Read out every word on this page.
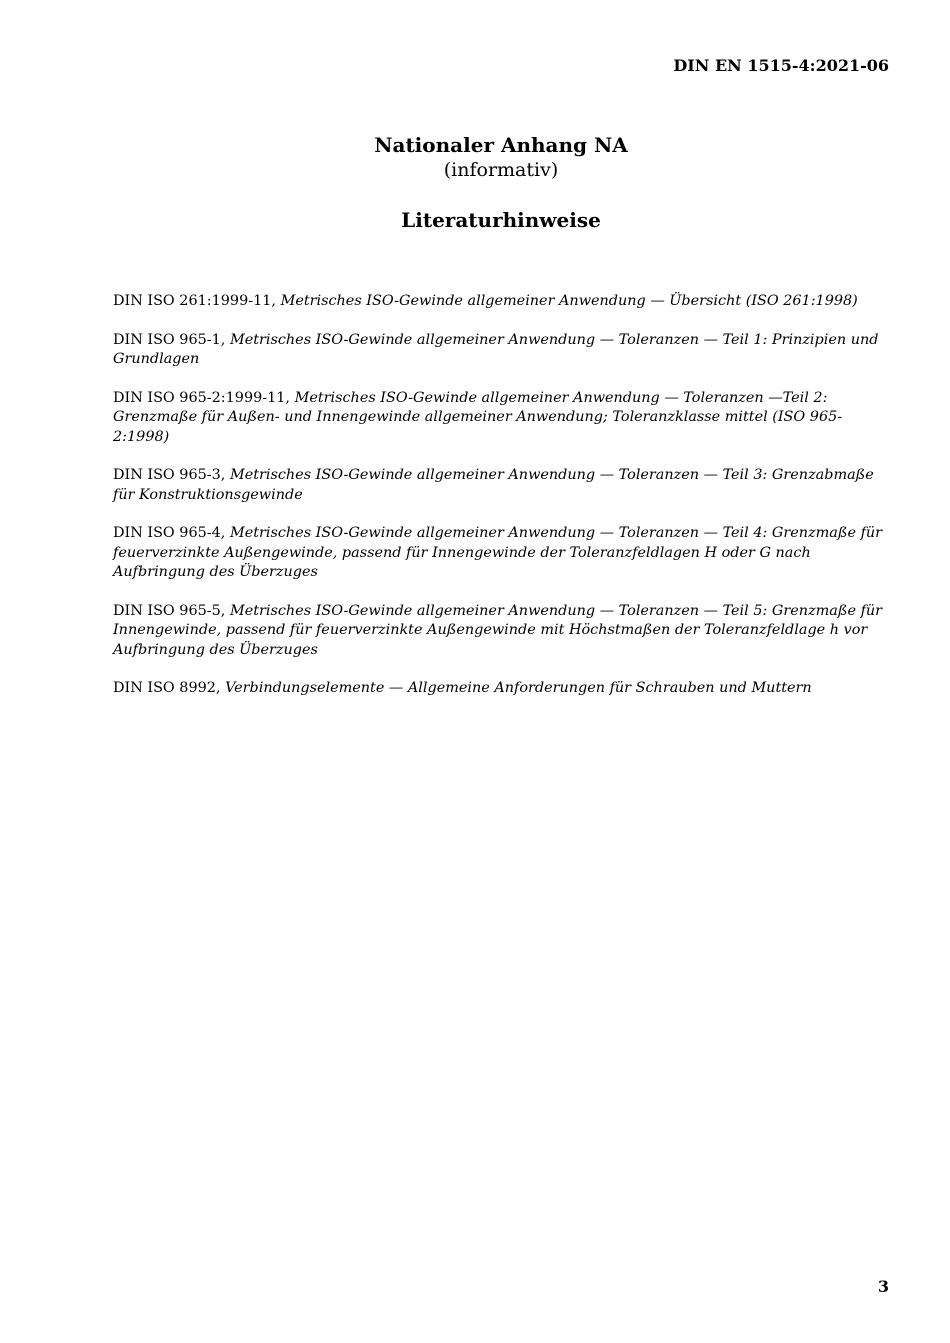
DIN EN 1515-4:2021-06
Nationaler Anhang NA
(informativ)
Literaturhinweise
DIN ISO 261:1999-11, Metrisches ISO-Gewinde allgemeiner Anwendung — Übersicht (ISO 261:1998)
DIN ISO 965-1, Metrisches ISO-Gewinde allgemeiner Anwendung — Toleranzen — Teil 1: Prinzipien und Grundlagen
DIN ISO 965-2:1999-11, Metrisches ISO-Gewinde allgemeiner Anwendung — Toleranzen —Teil 2: Grenzmaße für Außen- und Innengewinde allgemeiner Anwendung; Toleranzklasse mittel (ISO 965-2:1998)
DIN ISO 965-3, Metrisches ISO-Gewinde allgemeiner Anwendung — Toleranzen — Teil 3: Grenzabmaße für Konstruktionsgewinde
DIN ISO 965-4, Metrisches ISO-Gewinde allgemeiner Anwendung — Toleranzen — Teil 4: Grenzmaße für feuerverzinkte Außengewinde, passend für Innengewinde der Toleranzfeldlagen H oder G nach Aufbringung des Überzuges
DIN ISO 965-5, Metrisches ISO-Gewinde allgemeiner Anwendung — Toleranzen — Teil 5: Grenzmaße für Innengewinde, passend für feuerverzinkte Außengewinde mit Höchstmaßen der Toleranzfeldlage h vor Aufbringung des Überzuges
DIN ISO 8992, Verbindungselemente — Allgemeine Anforderungen für Schrauben und Muttern
3
